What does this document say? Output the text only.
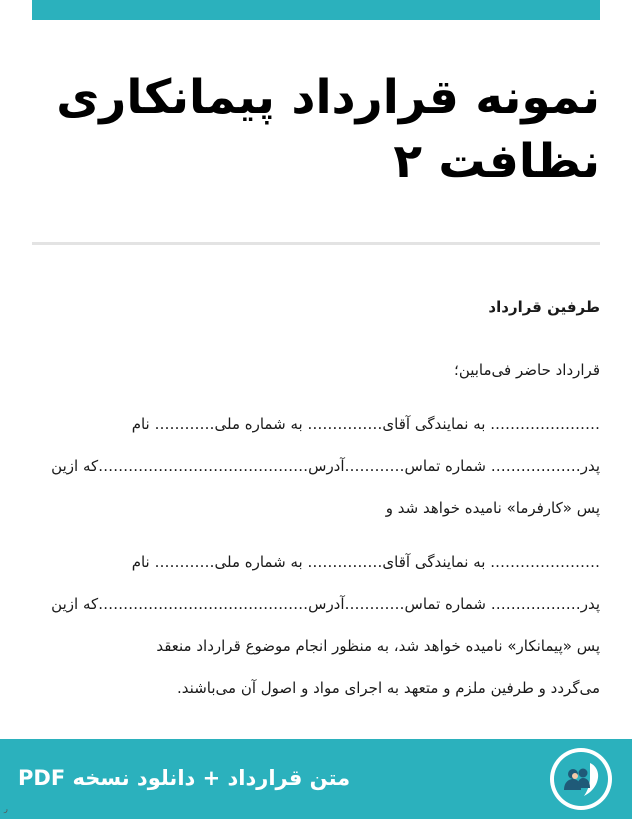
نمونه قرارداد پیمانکاری نظافت ۲
طرفین قرارداد
قرارداد حاضر فی‌مابین؛
…………………. به نمایندگی آقای…………… به شماره ملی………… نام
پدر……………… شماره تماس…………آدرس……………………………………که ازین
پس «کارفرما» نامیده خواهد شد و
…………………. به نمایندگی آقای…………… به شماره ملی………… نام
پدر……………… شماره تماس…………آدرس……………………………………که ازین
پس «پیمانکار» نامیده خواهد شد، به منظور انجام موضوع قرارداد منعقد
می‌گردد و طرفین ملزم و متعهد به اجرای مواد و اصول آن می‌باشند.
متن قرارداد + دانلود نسخه PDF
ر
